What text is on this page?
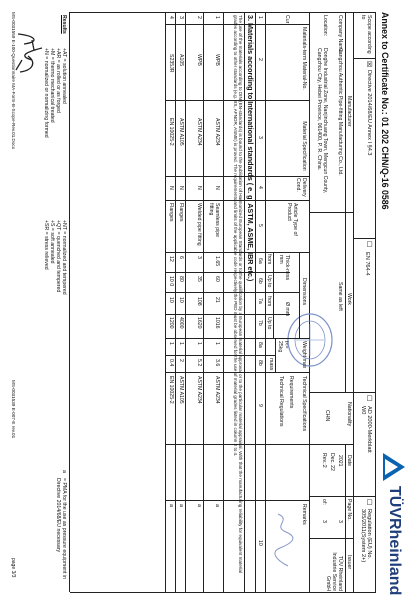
Annex to Certificate No.: 01 202 CHN/Q-16 0586
TÜVRheinland
Scope according to
☒
Directive 2014/68/EU Annex I §4.3
☐
EN 764-4
☐
AD 2000-Merkblatt W0
☐
Regulation (EU) No. 305/2011(System 2+)
Manufacturer
Company Name:
Cangzhou Authentic Pipe-fitting Manufacturing Co., Ltd.
Location:
Donghe Industrial Zone, Nanjinchuang Town, Mengcun County, Cangzhou City, Hebei Province, 061400, P. R. China.
Work
Same as left
Nationality
CHN
Date
2021
Dec. 22
Rev.:2
Page No.
3
of:
3
Issuer
TÜV Rheinland Industrie Service GmbH
Materials-term Material-No.
Material Specification
Delivery Cond.
Article Type of Product
Dimensions
Thick-ness mm
Ø mm
from
Up to
from
Up to
Weight max
t<= 25kg
mass
Technical Specifications
Requirements
Technical Regulations
Remarks
Cur
1
2
3
4
5
6a
6b
7a
7b
8a
8b
9
10
3. Materials according to International standards ( e. g. ASTM, ASME, IBR etc.)
The use of the materials according to DIN (EN-standards) is bound to the publication of Harmonized European Standards or to the qualification by a European material approval or to the particular material appraisal. With that the manufacturing reliability for equivalent material grades according to other standards (e.g. BS, AFNOR, ASME) is proved. The requirements and limits of the applicable code respectively the PED must be observed for the use of material grades listed in column 2 to 4.
Results
+AT = solution annealed
+AR = as rolled or as forged
+M = thermo mechanical treated
+N = normalized or normalizing formed
+NT = normalized and tempered
+QT = quenched and tempered
+S = soft annealed
+SR = stress relieved
a
= PMA for the use as pressure equipment in Directive 2014/68/EU necessary
MS-0031559 E-100-Questionnaire MA-Form-B-Scope-Rev.01.Docx
MS-0031539 E-007-E rev.01
page 3/3
1
WPB
ASTM A234
N
Seamless pipe fitting
1.65
60
21
1016
1
3.6
ASTM A234
a
2
WPB
ASTM A234
N
Welded pipe fitting
3
35
108
1620
1
5.2
ASTM A234
a
3
A105
ASTM A105
N
Flanges
6
80
10
4000
1
2
ASTM A105
a
4
S235JR
EN 10025-2
N
Flanges
12
10 0
10
1200
1
0.4
EN 10025-2
a
